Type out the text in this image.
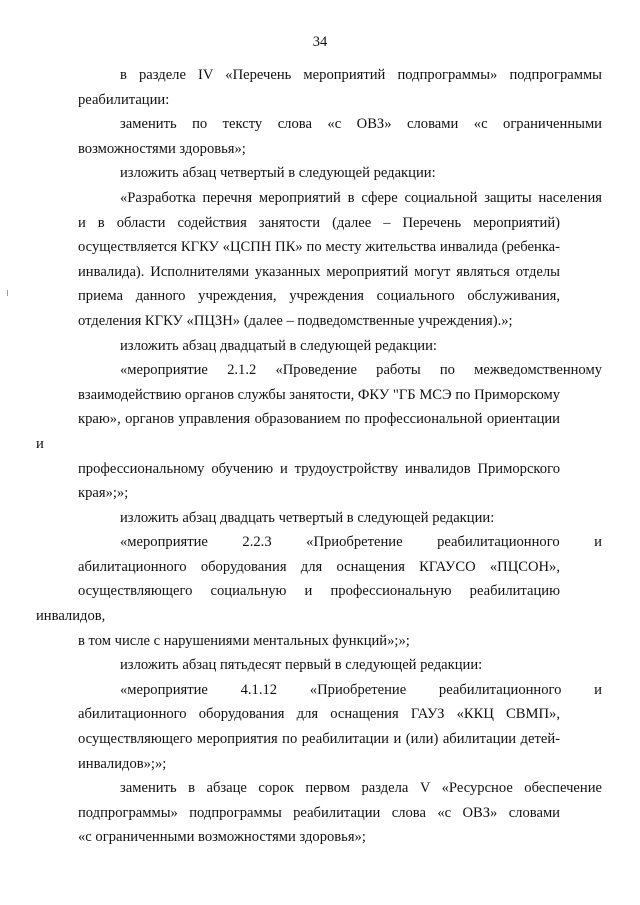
34

в разделе IV «Перечень мероприятий подпрограммы» подпрограммы
реабилитации:

заменить по тексту слова «с ОВЗ» словами «с ограниченными
возможностями здоровья»;

изложить абзац четвертый в следующей редакции:

«Разработка перечня мероприятий в сфере социальной защиты населения
и в области содействия занятости (далее – Перечень мероприятий)
осуществляется КГКУ «ЦСПН ПК» по месту жительства инвалида (ребенка-
инвалида). Исполнителями указанных мероприятий могут являться отделы
приема данного учреждения, учреждения социального обслуживания,
отделения КГКУ «ПЦЗН» (далее – подведомственные учреждения).»;

изложить абзац двадцатый в следующей редакции:

«мероприятие 2.1.2 «Проведение работы по межведомственному
взаимодействию органов службы занятости, ФКУ "ГБ МСЭ по Приморскому
краю», органов управления образованием по профессиональной ориентации и
профессиональному обучению и трудоустройству инвалидов Приморского
края»;»;

изложить абзац двадцать четвертый в следующей редакции:

«мероприятие 2.2.3 «Приобретение реабилитационного и
абилитационного оборудования для оснащения КГАУСО «ПЦСОН»,
осуществляющего социальную и профессиональную реабилитацию инвалидов,
в том числе с нарушениями ментальных функций»;»;

изложить абзац пятьдесят первый в следующей редакции:

«мероприятие 4.1.12 «Приобретение реабилитационного и
абилитационного оборудования для оснащения ГАУЗ «ККЦ СВМП»,
осуществляющего мероприятия по реабилитации и (или) абилитации детей-
инвалидов»;»;

заменить в абзаце сорок первом раздела V «Ресурсное обеспечение
подпрограммы» подпрограммы реабилитации слова «с ОВЗ» словами
«с ограниченными возможностями здоровья»;
